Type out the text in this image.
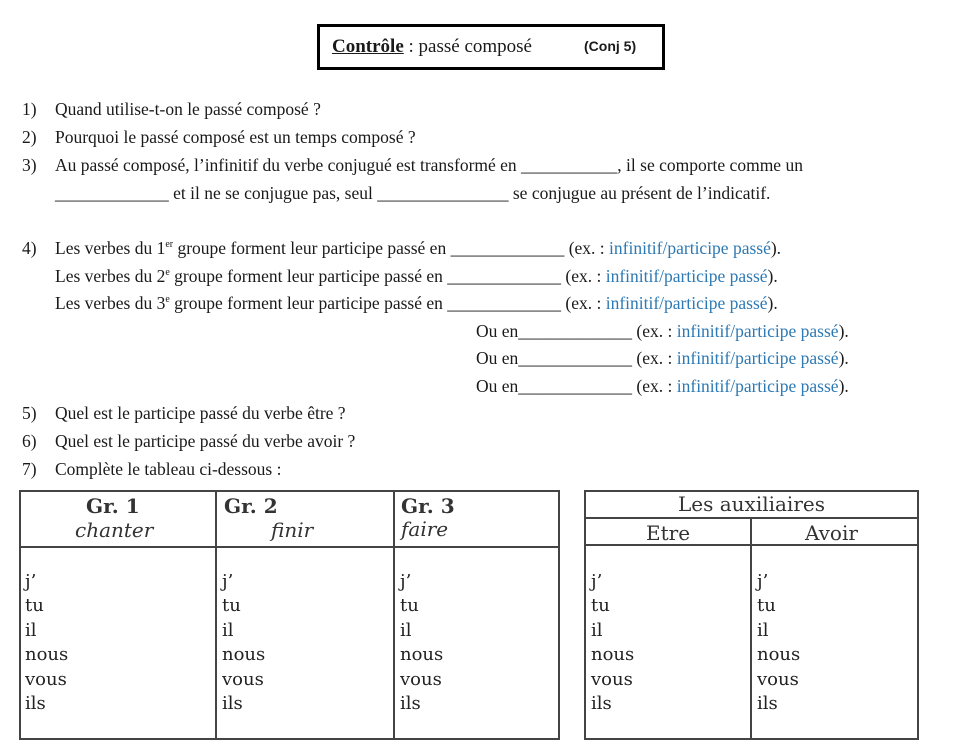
Contrôle : passé composé	(Conj 5)
1) Quand utilise-t-on le passé composé ?
2) Pourquoi le passé composé est un temps composé ?
3) Au passé composé, l’infinitif du verbe conjugué est transformé en ___________, il se comporte comme un
_____________ et il ne se conjugue pas, seul _______________ se conjugue au présent de l’indicatif.
4) Les verbes du 1er groupe forment leur participe passé en _____________ (ex. : infinitif/participe passé).
Les verbes du 2e groupe forment leur participe passé en _____________ (ex. : infinitif/participe passé).
Les verbes du 3e groupe forment leur participe passé en _____________ (ex. : infinitif/participe passé).
Ou en_____________ (ex. : infinitif/participe passé).
Ou en_____________ (ex. : infinitif/participe passé).
Ou en_____________ (ex. : infinitif/participe passé).
5) Quel est le participe passé du verbe être ?
6) Quel est le participe passé du verbe avoir ?
7) Complète le tableau ci-dessous :
Gr. 1
chanter
Gr. 2
finir
Gr. 3
faire
j’
tu
il
nous
vous
ils
j’
tu
il
nous
vous
ils
j’
tu
il
nous
vous
ils
Les auxiliaires
Etre	Avoir
j’
tu
il
nous
vous
ils
j’
tu
il
nous
vous
ils
